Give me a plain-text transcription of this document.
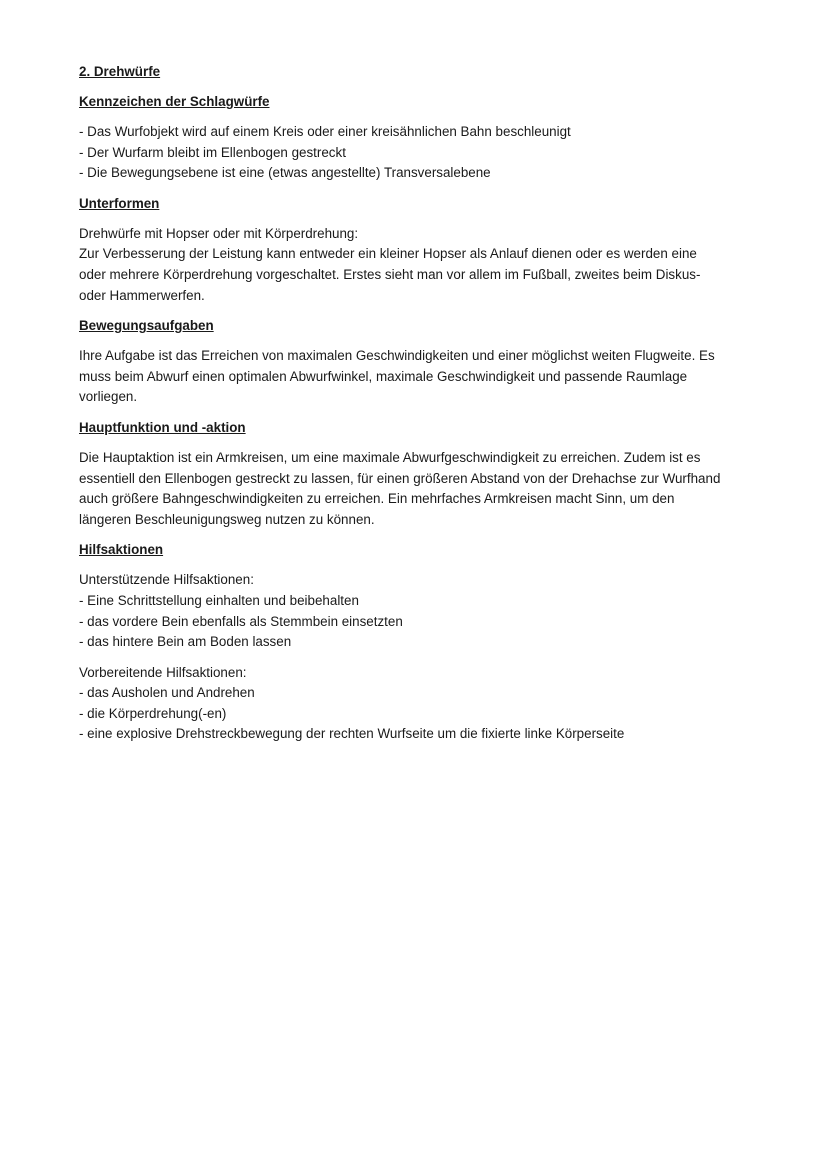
2. Drehwürfe

Kennzeichen der Schlagwürfe

- Das Wurfobjekt wird auf einem Kreis oder einer kreisähnlichen Bahn beschleunigt

- Der Wurfarm bleibt im Ellenbogen gestreckt

- Die Bewegungsebene ist eine (etwas angestellte) Transversalebene

Unterformen

Drehwürfe mit Hopser oder mit Körperdrehung:

Zur Verbesserung der Leistung kann entweder ein kleiner Hopser als Anlauf dienen oder es werden eine

oder mehrere Körperdrehung vorgeschaltet. Erstes sieht man vor allem im Fußball, zweites beim Diskus-

oder Hammerwerfen.

Bewegungsaufgaben

Ihre Aufgabe ist das Erreichen von maximalen Geschwindigkeiten und einer möglichst weiten Flugweite. Es

muss beim Abwurf einen optimalen Abwurfwinkel, maximale Geschwindigkeit und passende Raumlage

vorliegen.

Hauptfunktion und -aktion

Die Hauptaktion ist ein Armkreisen, um eine maximale Abwurfgeschwindigkeit zu erreichen. Zudem ist es

essentiell den Ellenbogen gestreckt zu lassen, für einen größeren Abstand von der Drehachse zur Wurfhand

auch größere Bahngeschwindigkeiten zu erreichen. Ein mehrfaches Armkreisen macht Sinn, um den

längeren Beschleunigungsweg nutzen zu können.

Hilfsaktionen

Unterstützende Hilfsaktionen:

- Eine Schrittstellung einhalten und beibehalten

- das vordere Bein ebenfalls als Stemmbein einsetzten

- das hintere Bein am Boden lassen

Vorbereitende Hilfsaktionen:

- das Ausholen und Andrehen

- die Körperdrehung(-en)

- eine explosive Drehstreckbewegung der rechten Wurfseite um die fixierte linke Körperseite
